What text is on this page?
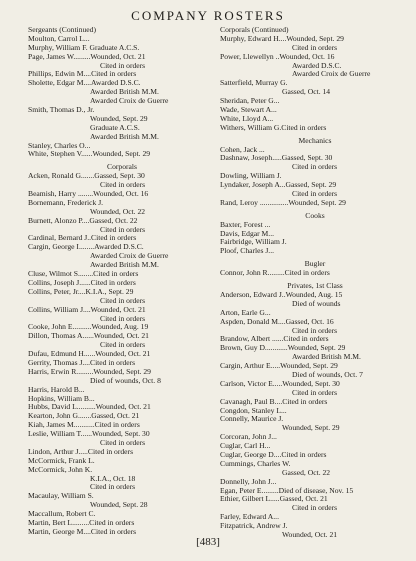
COMPANY ROSTERS
Sergeants (Continued)
Moulton, Carrol L...
Murphy, William F. Graduate A.C.S.
Page, James W.........Wounded, Oct. 21
Cited in orders
Phillips, Edwin M....Cited in orders
Sholette, Edgar M....Awarded D.S.C.
Awarded British M.M.
Awarded Croix de Guerre
Smith, Thomas D., Jr.
Wounded, Sept. 29
Graduate A.C.S.
Awarded British M.M.
Stanley, Charles O...
White, Stephen V......Wounded, Sept. 29
Corporals
Acken, Ronald G.......Gassed, Sept. 30
Cited in orders
Beamish, Harry ........Wounded, Oct. 16
Bornemann, Frederick J.
Wounded, Oct. 22
Burnett, Alonzo P....Gassed, Oct. 22
Cited in orders
Cardinal, Bernard J..Cited in orders
Cargin, George I........Awarded D.S.C.
Awarded Croix de Guerre
Awarded British M.M.
Cluse, Wilmot S........Cited in orders
Collins, Joseph J......Cited in orders
Collins, Peter, Jr....K.I.A., Sept. 29
Cited in orders
Collins, William J....Wounded, Oct. 21
Cited in orders
Cooke, John E..........Wounded, Aug. 19
Dillon, Thomas A......Wounded, Oct. 21
Cited in orders
Dufau, Edmund H......Wounded, Oct. 21
Gerrity, Thomas J....Cited in orders
Harris, Erwin R.........Wounded, Sept. 29
Died of wounds, Oct. 8
Harris, Harold B...
Hopkins, William B...
Hubbs, David L..........Wounded, Oct. 21
Kearton, John G.......Gassed, Oct. 21
Kiah, James M...........Cited in orders
Leslie, William T......Wounded, Sept. 30
Cited in orders
Lindon, Arthur J.....Cited in orders
McCormick, Frank L.
McCormick, John K.
K.I.A., Oct. 18
Cited in orders
Macaulay, William S.
Wounded, Sept. 28
Maccallum, Robert C.
Martin, Bert L.........Cited in orders
Martin, George M....Cited in orders
Corporals (Continued)
Murphy, Edward H....Wounded, Sept. 29
Cited in orders
Power, Llewellyn ..Wounded, Oct. 16
Awarded D.S.C.
Awarded Croix de Guerre
Satterfield, Murray G.
Gassed, Oct. 14
Sheridan, Peter G...
Wade, Stewart A...
White, Lloyd A...
Withers, William G.Cited in orders
Mechanics
Cohen, Jack ...
Dashnaw, Joseph.....Gassed, Sept. 30
Cited in orders
Dowling, William J.
Lyndaker, Joseph A...Gassed, Sept. 29
Cited in orders
Rand, Leroy ...............Wounded, Sept. 29
Cooks
Baxter, Forest ...
Davis, Edgar M...
Fairbridge, William J.
Ploof, Charles J...
Bugler
Connor, John R.........Cited in orders
Privates, 1st Class
Anderson, Edward J..Wounded, Aug. 15
Died of wounds
Arton, Earle G...
Aspden, Donald M....Gassed, Oct. 16
Cited in orders
Brandow, Albert ......Cited in orders
Brown, Guy D............Wounded, Sept. 29
Awarded British M.M.
Cargin, Arthur E.....Wounded, Sept. 29
Died of wounds, Oct. 7
Carlson, Victor E.....Wounded, Sept. 30
Cited in orders
Cavanagh, Paul B....Cited in orders
Congdon, Stanley L...
Connelly, Maurice J.
Wounded, Sept. 29
Corcoran, John J...
Cuglar, Carl H...
Cuglar, George D....Cited in orders
Cummings, Charles W.
Gassed, Oct. 22
Donnelly, John J...
Egan, Peter E.........Died of disease, Nov. 15
Ethier, Gilbert L.....Gassed, Oct. 21
Cited in orders
Farley, Edward A...
Fitzpatrick, Andrew J.
Wounded, Oct. 21
[483]
